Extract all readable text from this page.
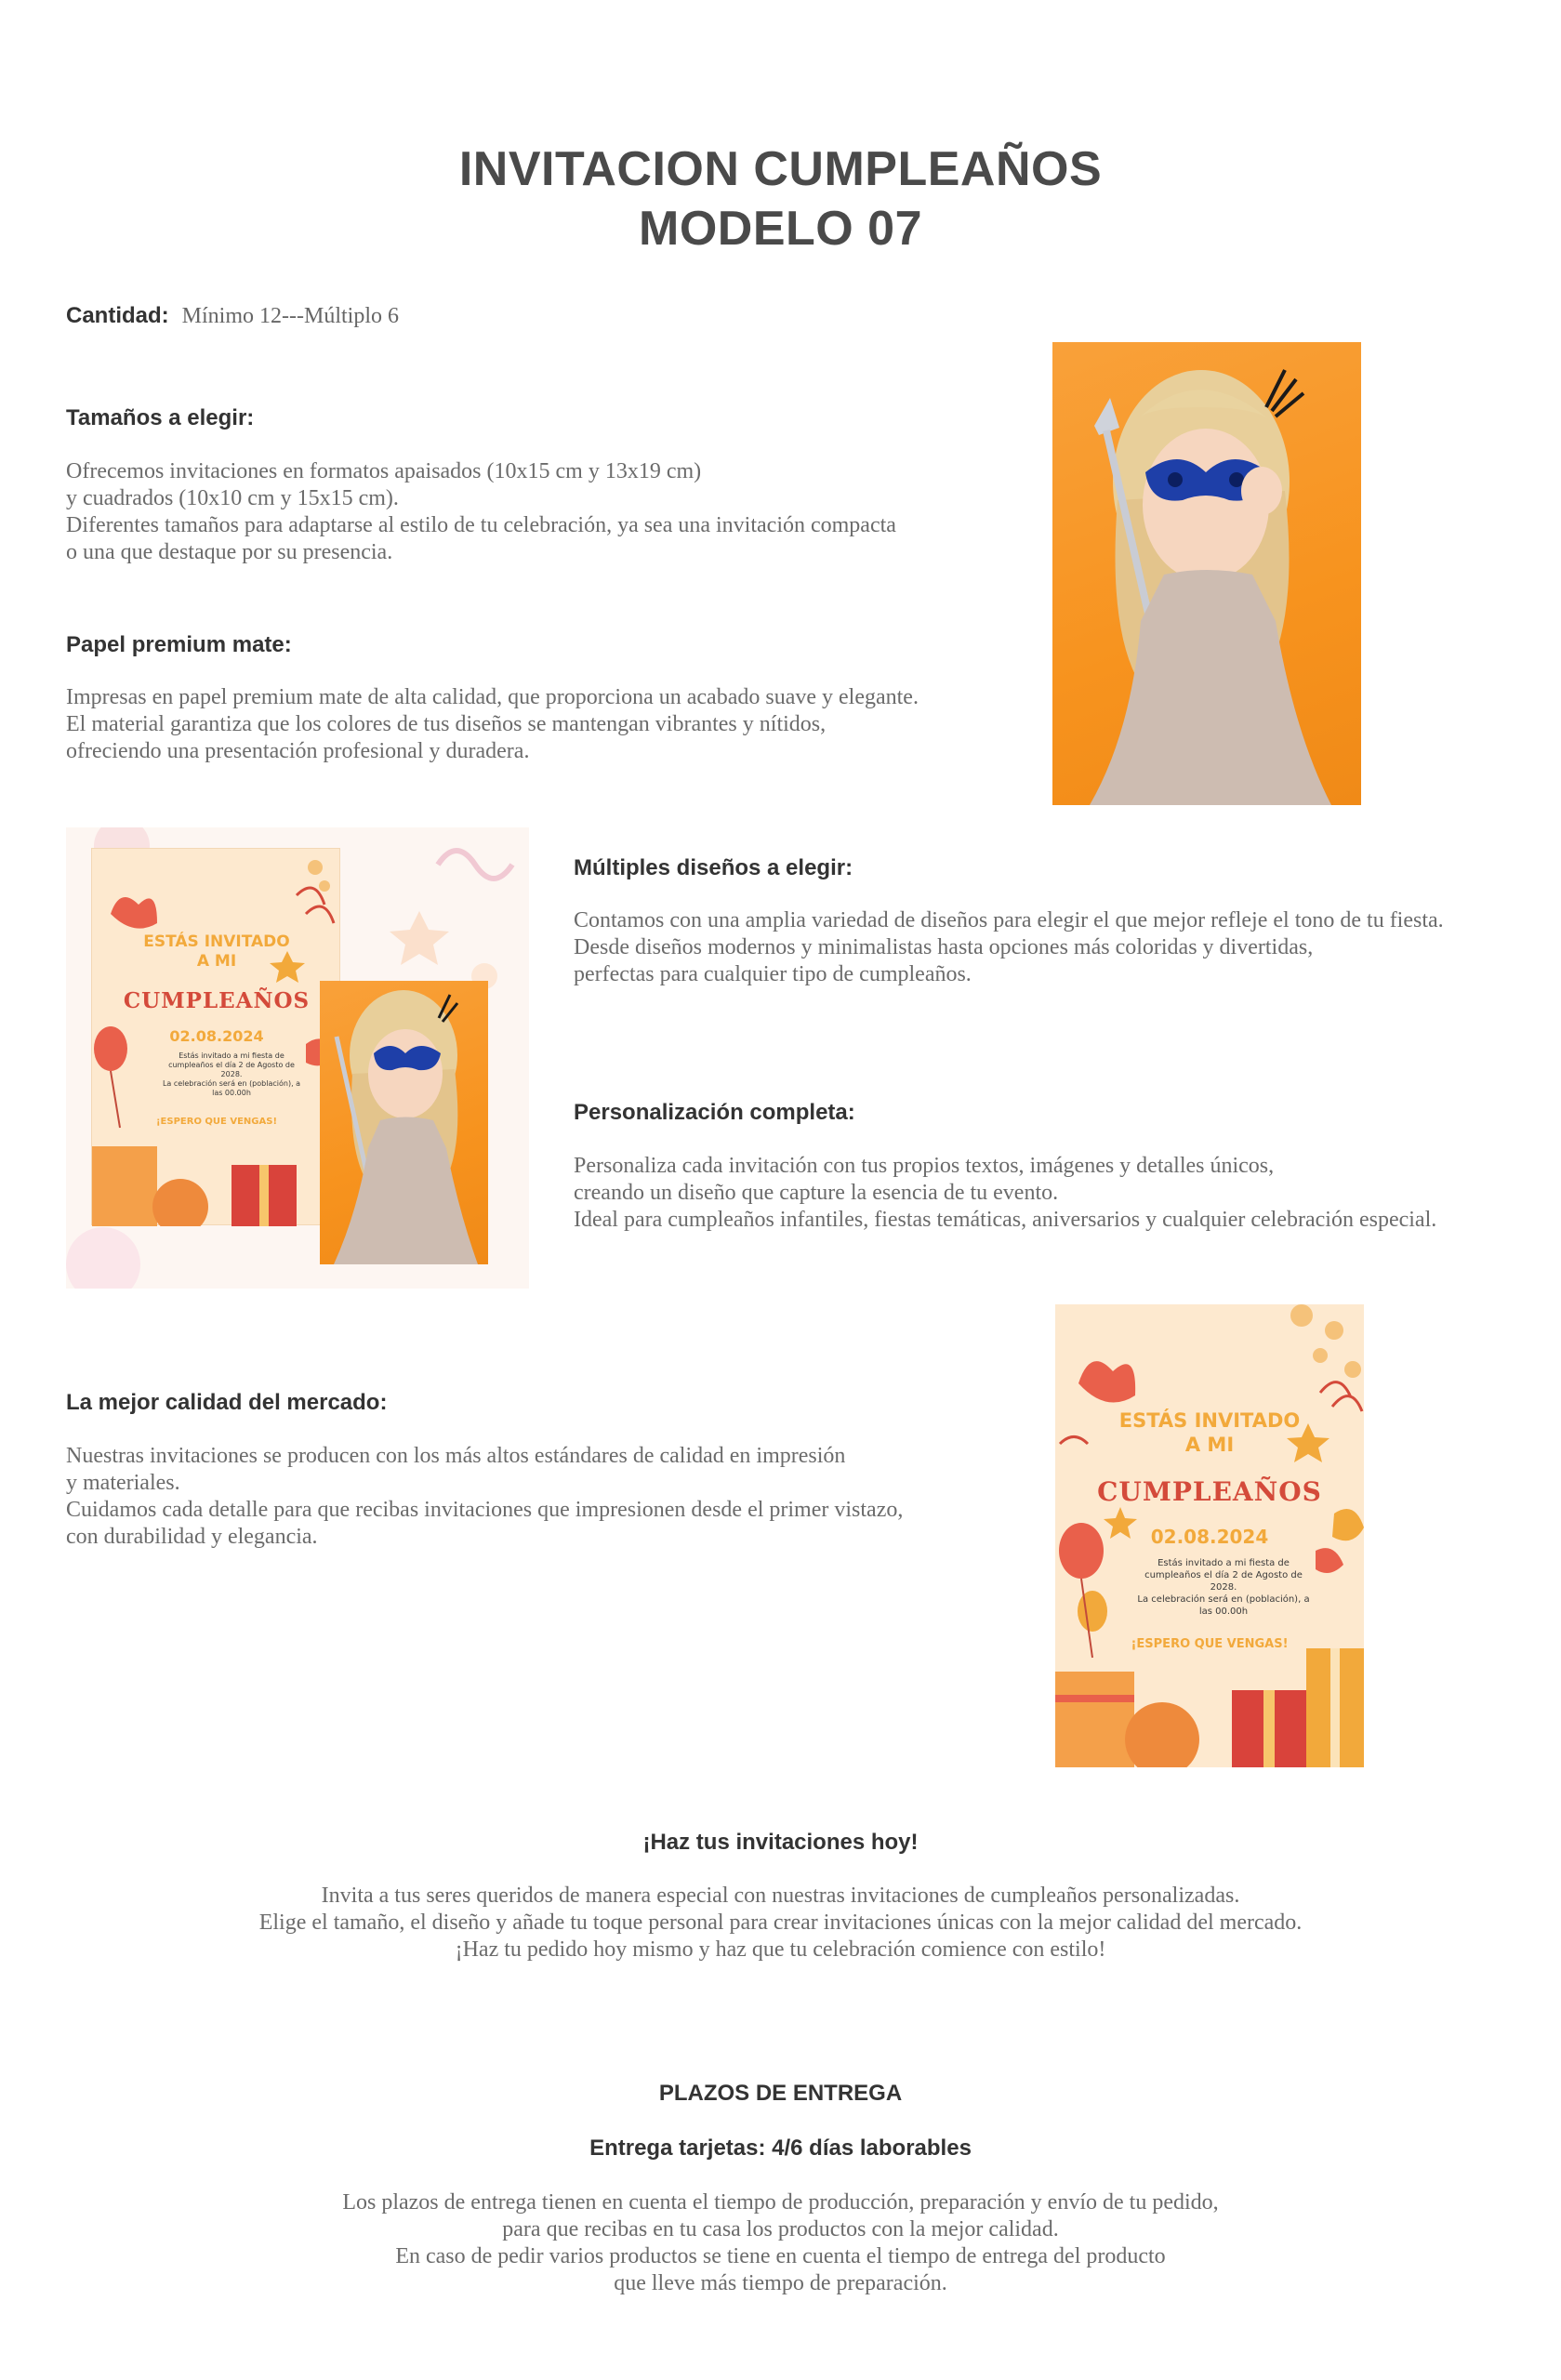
INVITACION CUMPLEAÑOS
MODELO 07
Cantidad: Mínimo 12---Múltiplo 6
Tamaños a elegir:
Ofrecemos invitaciones en formatos apaisados (10x15 cm y 13x19 cm)
y cuadrados (10x10 cm y 15x15 cm).
Diferentes tamaños para adaptarse al estilo de tu celebración, ya sea una invitación compacta
o una que destaque por su presencia.
Papel premium mate:
Impresas en papel premium mate de alta calidad, que proporciona un acabado suave y elegante.
El material garantiza que los colores de tus diseños se mantengan vibrantes y nítidos,
ofreciendo una presentación profesional y duradera.
ESTÁS INVITADO
A MI
CUMPLEAÑOS
02.08.2024
Estás invitado a mi fiesta de
cumpleaños el día 2 de Agosto de
2028.
La celebración será en (población), a
las 00.00h
¡ESPERO QUE VENGAS!
Múltiples diseños a elegir:
Contamos con una amplia variedad de diseños para elegir el que mejor refleje el tono de tu fiesta.
Desde diseños modernos y minimalistas hasta opciones más coloridas y divertidas,
perfectas para cualquier tipo de cumpleaños.
Personalización completa:
Personaliza cada invitación con tus propios textos, imágenes y detalles únicos,
creando un diseño que capture la esencia de tu evento.
Ideal para cumpleaños infantiles, fiestas temáticas, aniversarios y cualquier celebración especial.
La mejor calidad del mercado:
Nuestras invitaciones se producen con los más altos estándares de calidad en impresión
y materiales.
Cuidamos cada detalle para que recibas invitaciones que impresionen desde el primer vistazo,
con durabilidad y elegancia.
ESTÁS INVITADO
A MI
CUMPLEAÑOS
02.08.2024
Estás invitado a mi fiesta de
cumpleaños el día 2 de Agosto de
2028.
La celebración será en (población), a
las 00.00h
¡ESPERO QUE VENGAS!
¡Haz tus invitaciones hoy!
Invita a tus seres queridos de manera especial con nuestras invitaciones de cumpleaños personalizadas.
Elige el tamaño, el diseño y añade tu toque personal para crear invitaciones únicas con la mejor calidad del mercado.
¡Haz tu pedido hoy mismo y haz que tu celebración comience con estilo!
PLAZOS DE ENTREGA
Entrega tarjetas: 4/6 días laborables
Los plazos de entrega tienen en cuenta el tiempo de producción, preparación y envío de tu pedido,
para que recibas en tu casa los productos con la mejor calidad.
En caso de pedir varios productos se tiene en cuenta el tiempo de entrega del producto
que lleve más tiempo de preparación.
